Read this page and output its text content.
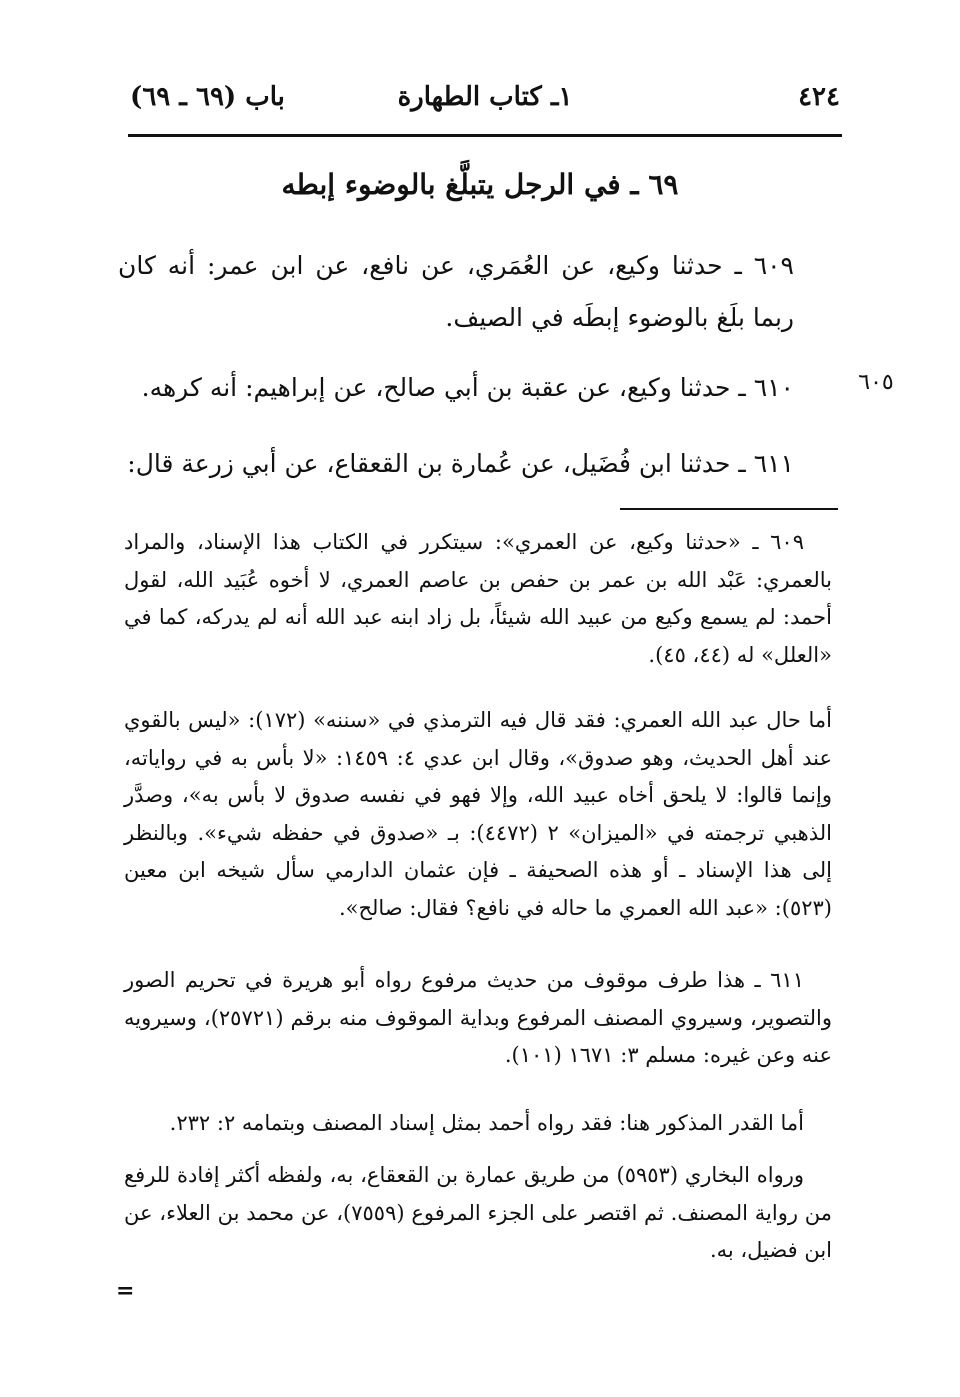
٤٢٤
١ـ كتاب الطهارة
باب (٦٩ ـ ٦٩)
٦٩ ـ في الرجل يتبلَّغ بالوضوء إبطه

٦٠٩ ـ حدثنا وكيع، عن العُمَري، عن نافع، عن ابن عمر: أنه كان ربما بلَغ بالوضوء إبطَه في الصيف.

٦١٠ ـ حدثنا وكيع، عن عقبة بن أبي صالح، عن إبراهيم: أنه كرهه.	٦٠٥

٦١١ ـ حدثنا ابن فُضَيل، عن عُمارة بن القعقاع، عن أبي زرعة قال:

٦٠٩ ـ «حدثنا وكيع، عن العمري»: سيتكرر في الكتاب هذا الإسناد، والمراد بالعمري: عَبْد الله بن عمر بن حفص بن عاصم العمري، لا أخوه عُبَيد الله، لقول أحمد: لم يسمع وكيع من عبيد الله شيئاً، بل زاد ابنه عبد الله أنه لم يدركه، كما في «العلل» له (٤٤، ٤٥).

أما حال عبد الله العمري: فقد قال فيه الترمذي في «سننه» (١٧٢): «ليس بالقوي عند أهل الحديث، وهو صدوق»، وقال ابن عدي ٤: ١٤٥٩: «لا بأس به في رواياته، وإنما قالوا: لا يلحق أخاه عبيد الله، وإلا فهو في نفسه صدوق لا بأس به»، وصدَّر الذهبي ترجمته في «الميزان» ٢ (٤٤٧٢): بـ «صدوق في حفظه شيء». وبالنظر إلى هذا الإسناد ـ أو هذه الصحيفة ـ فإن عثمان الدارمي سأل شيخه ابن معين (٥٢٣): «عبد الله العمري ما حاله في نافع؟ فقال: صالح».

٦١١ ـ هذا طرف موقوف من حديث مرفوع رواه أبو هريرة في تحريم الصور والتصوير، وسيروي المصنف المرفوع وبداية الموقوف منه برقم (٢٥٧٢١)، وسيرويه عنه وعن غيره: مسلم ٣: ١٦٧١ (١٠١).

أما القدر المذكور هنا: فقد رواه أحمد بمثل إسناد المصنف وبتمامه ٢: ٢٣٢.

ورواه البخاري (٥٩٥٣) من طريق عمارة بن القعقاع، به، ولفظه أكثر إفادة للرفع من رواية المصنف. ثم اقتصر على الجزء المرفوع (٧٥٥٩)، عن محمد بن العلاء، عن ابن فضيل، به.

=
